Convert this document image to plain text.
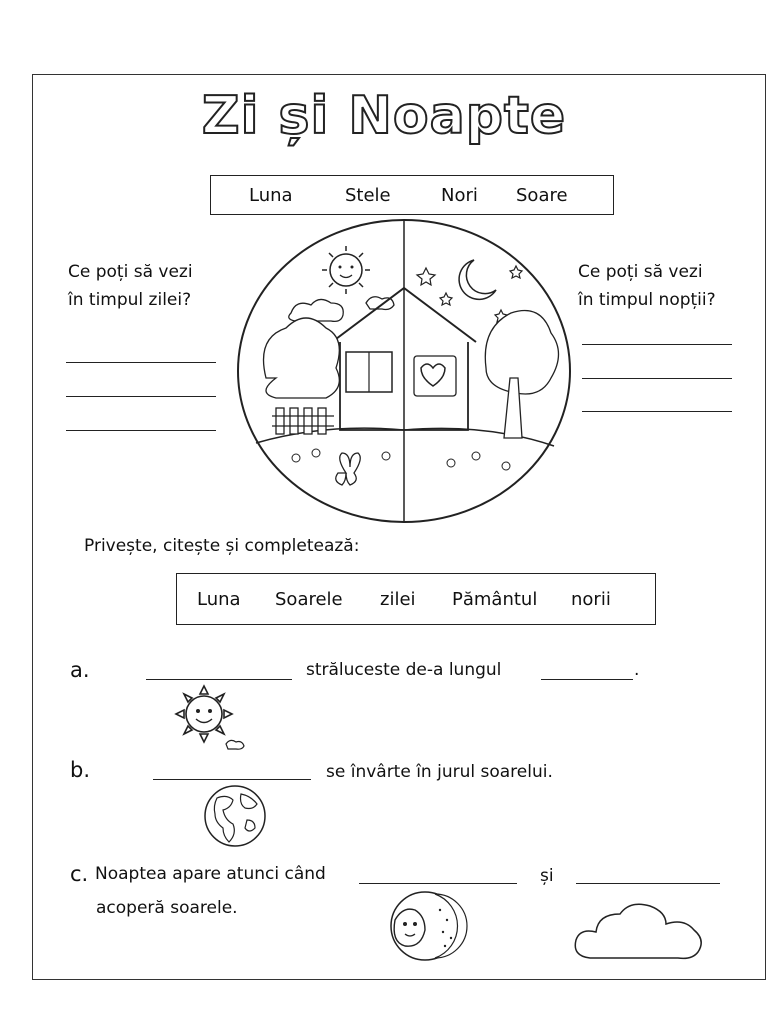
Zi și Noapte
Luna	Stele	Nori Soare
Ce poți să vezi
în timpul zilei?
Ce poți să vezi
în timpul nopții?
Privește, citește și completează:
Luna Soarele zilei Pământul norii
a.	străluceste de-a lungul	.
b.	se învârte în jurul soarelui.
c. Noaptea apare atunci când	și
acoperă soarele.
